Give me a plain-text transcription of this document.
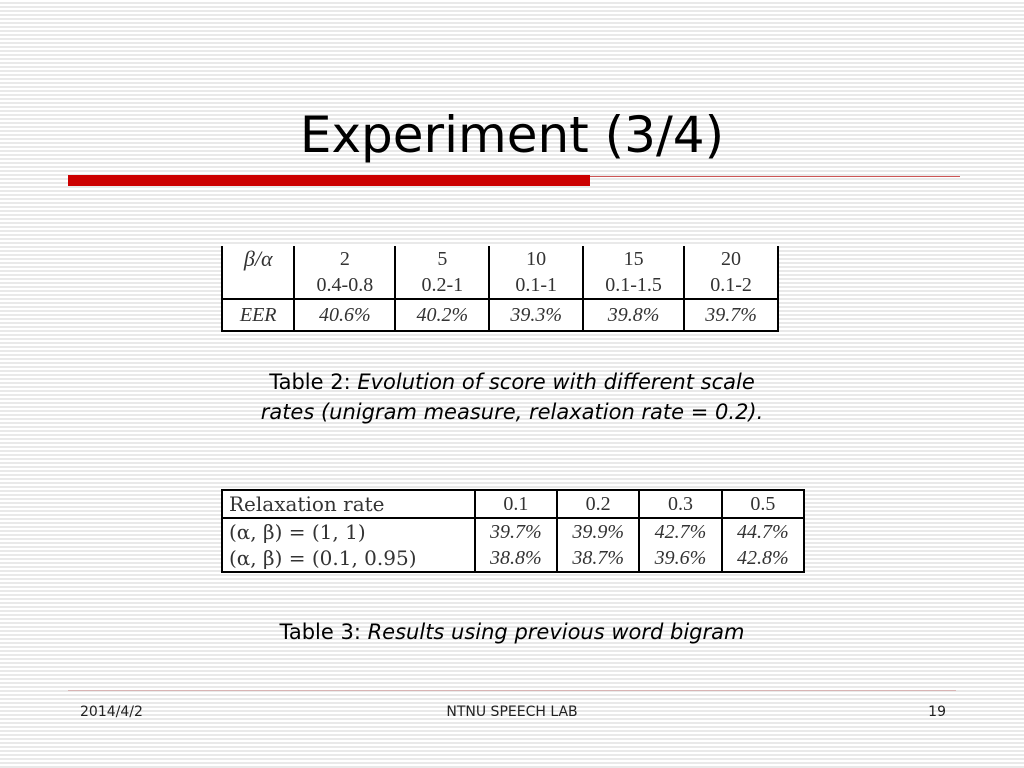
Experiment (3/4)
β/α	2	5	10	15	20
	0.4-0.8	0.2-1	0.1-1	0.1-1.5	0.1-2
EER	40.6%	40.2%	39.3%	39.8%	39.7%
Table 2: Evolution of score with different scale
rates (unigram measure, relaxation rate = 0.2).
Relaxation rate	0.1	0.2	0.3	0.5
(α, β) = (1, 1)	39.7%	39.9%	42.7%	44.7%
(α, β) = (0.1, 0.95)	38.8%	38.7%	39.6%	42.8%
Table 3: Results using previous word bigram
2014/4/2	NTNU SPEECH LAB	19
